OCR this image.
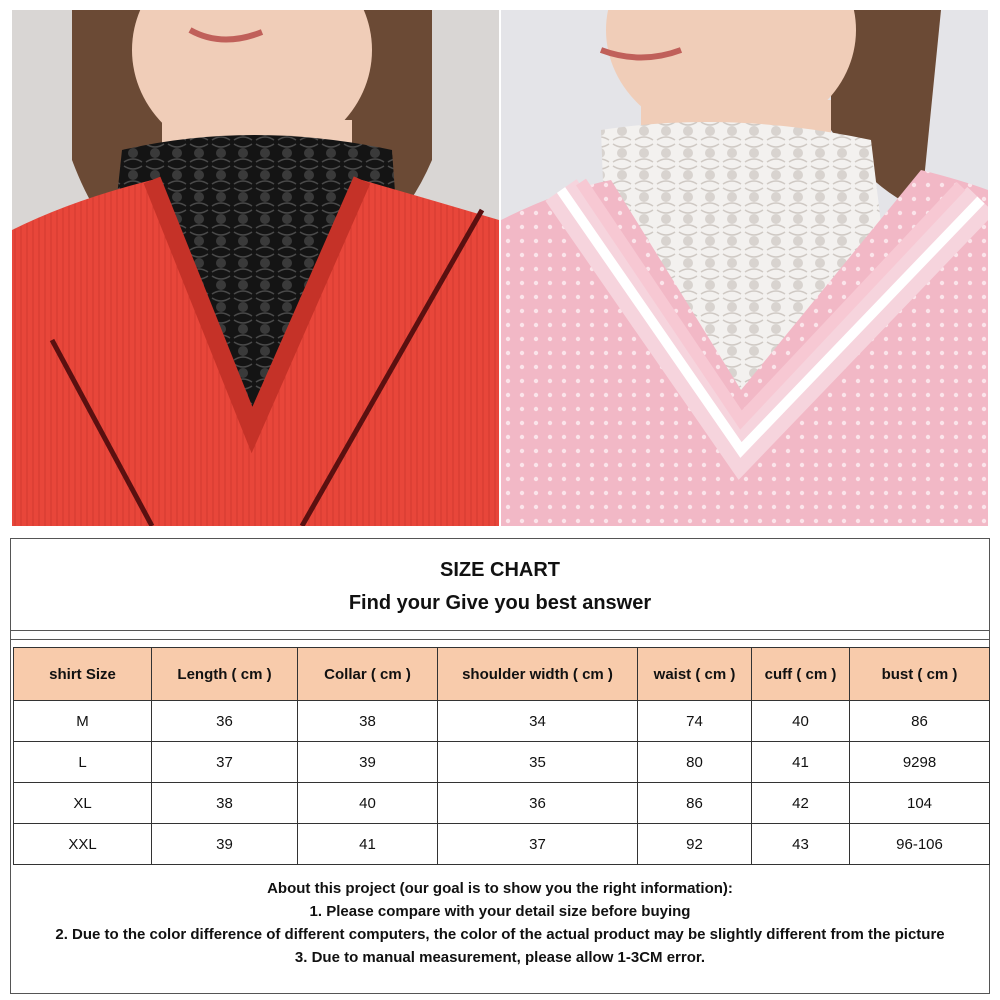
SIZE CHART
Find your Give you best answer
shirt Size	Length ( cm )	Collar ( cm )	shoulder width ( cm )	waist ( cm )	cuff ( cm )	bust ( cm )
M	36	38	34	74	40	86
L	37	39	35	80	41	9298
XL	38	40	36	86	42	104
XXL	39	41	37	92	43	96-106
About this project (our goal is to show you the right information):
1. Please compare with your detail size before buying
2. Due to the color difference of different computers, the color of the actual product may be slightly different from the picture
3. Due to manual measurement, please allow 1-3CM error.
